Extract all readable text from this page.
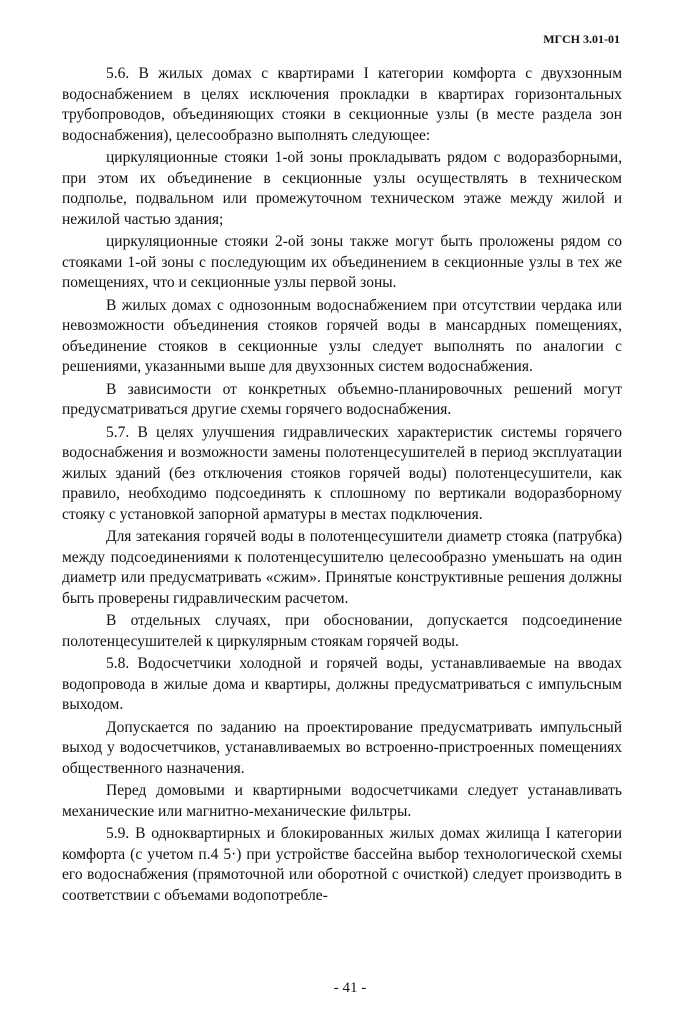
МГСН 3.01-01

5.6. В жилых домах с квартирами I категории комфорта с двухзонным водоснабжением в целях исключения прокладки в квартирах горизонтальных трубопроводов, объединяющих стояки в секционные узлы (в месте раздела зон водоснабжения), целесообразно выполнять следующее:

циркуляционные стояки 1-ой зоны прокладывать рядом с водоразборными, при этом их объединение в секционные узлы осуществлять в техническом подполье, подвальном или промежуточном техническом этаже между жилой и нежилой частью здания;

циркуляционные стояки 2-ой зоны также могут быть проложены рядом со стояками 1-ой зоны с последующим их объединением в секционные узлы в тех же помещениях, что и секционные узлы первой зоны.

В жилых домах с однозонным водоснабжением при отсутствии чердака или невозможности объединения стояков горячей воды в мансардных помещениях, объединение стояков в секционные узлы следует выполнять по аналогии с решениями, указанными выше для двухзонных систем водоснабжения.

В зависимости от конкретных объемно-планировочных решений могут предусматриваться другие схемы горячего водоснабжения.

5.7. В целях улучшения гидравлических характеристик системы горячего водоснабжения и возможности замены полотенцесушителей в период эксплуатации жилых зданий (без отключения стояков горячей воды) полотенцесушители, как правило, необходимо подсоединять к сплошному по вертикали водоразборному стояку с установкой запорной арматуры в местах подключения.

Для затекания горячей воды в полотенцесушители диаметр стояка (патрубка) между подсоединениями к полотенцесушителю целесообразно уменьшать на один диаметр или предусматривать «сжим». Принятые конструктивные решения должны быть проверены гидравлическим расчетом.

В отдельных случаях, при обосновании, допускается подсоединение полотенцесушителей к циркулярным стоякам горячей воды.

5.8. Водосчетчики холодной и горячей воды, устанавливаемые на вводах водопровода в жилые дома и квартиры, должны предусматриваться с импульсным выходом.

Допускается по заданию на проектирование предусматривать импульсный выход у водосчетчиков, устанавливаемых во встроенно-пристроенных помещениях общественного назначения.

Перед домовыми и квартирными водосчетчиками следует устанавливать механические или магнитно-механические фильтры.

5.9. В одноквартирных и блокированных жилых домах жилища I категории комфорта (с учетом п.4 5·) при устройстве бассейна выбор технологической схемы его водоснабжения (прямоточной или оборотной с очисткой) следует производить в соответствии с объемами водопотребле-

- 41 -
